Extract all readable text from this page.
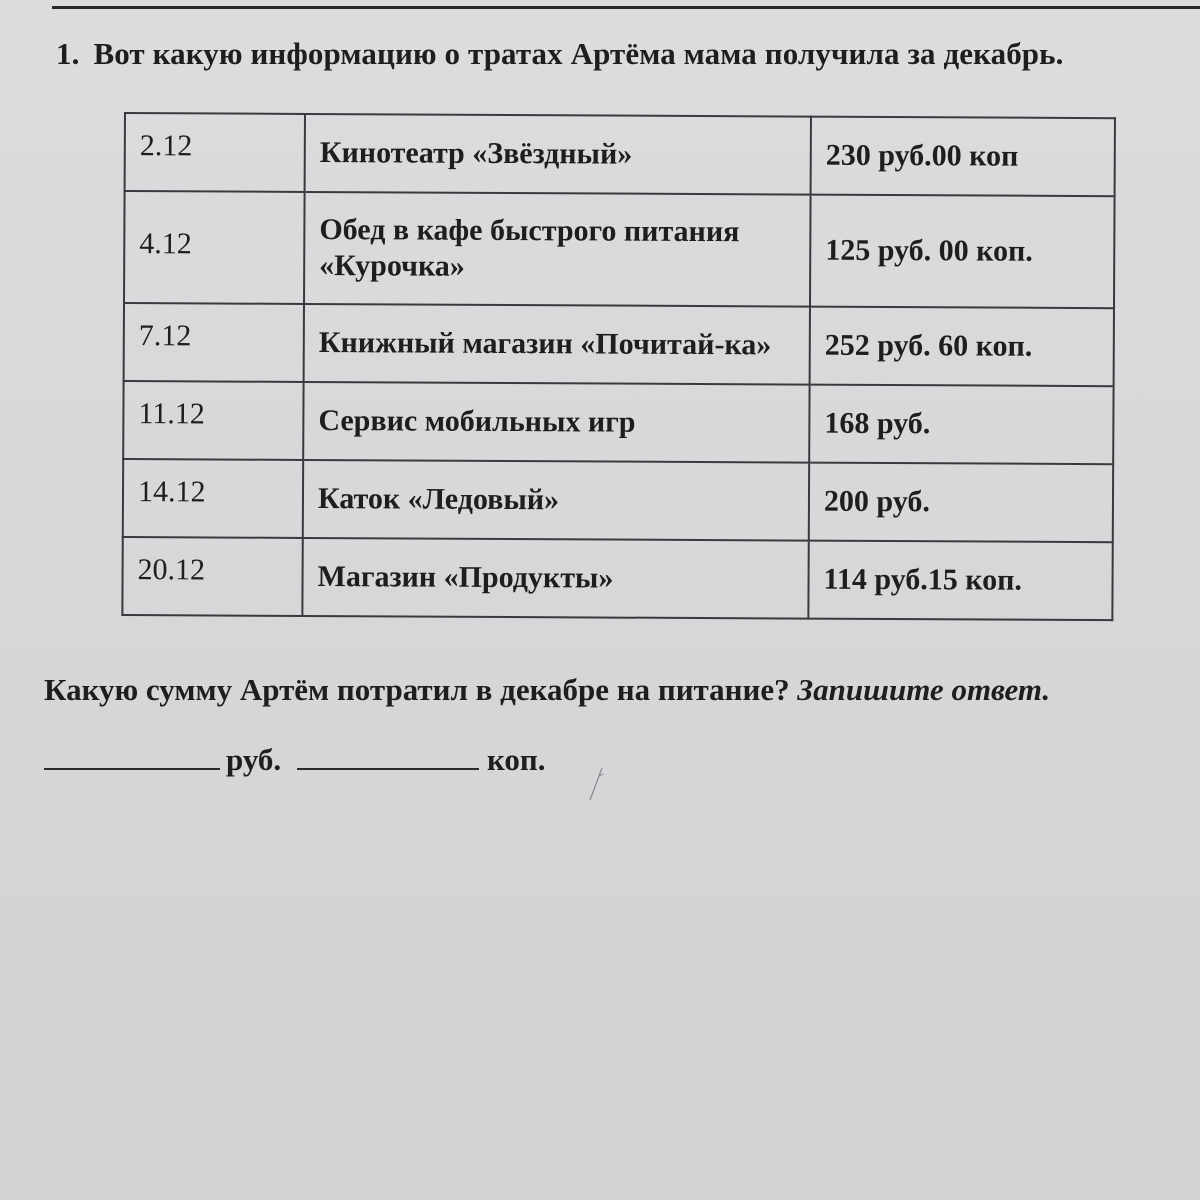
1. Вот какую информацию о тратах Артёма мама получила за декабрь.
2.12	Кинотеатр «Звёздный»	230 руб.00 коп
4.12	Обед в кафе быстрого питания «Курочка»	125 руб. 00 коп.
7.12	Книжный магазин «Почитай-ка»	252 руб. 60 коп.
11.12	Сервис мобильных игр	168 руб.
14.12	Каток «Ледовый»	200 руб.
20.12	Магазин «Продукты»	114 руб.15 коп.
Какую сумму Артём потратил в декабре на питание? Запишите ответ.
руб.	коп.
